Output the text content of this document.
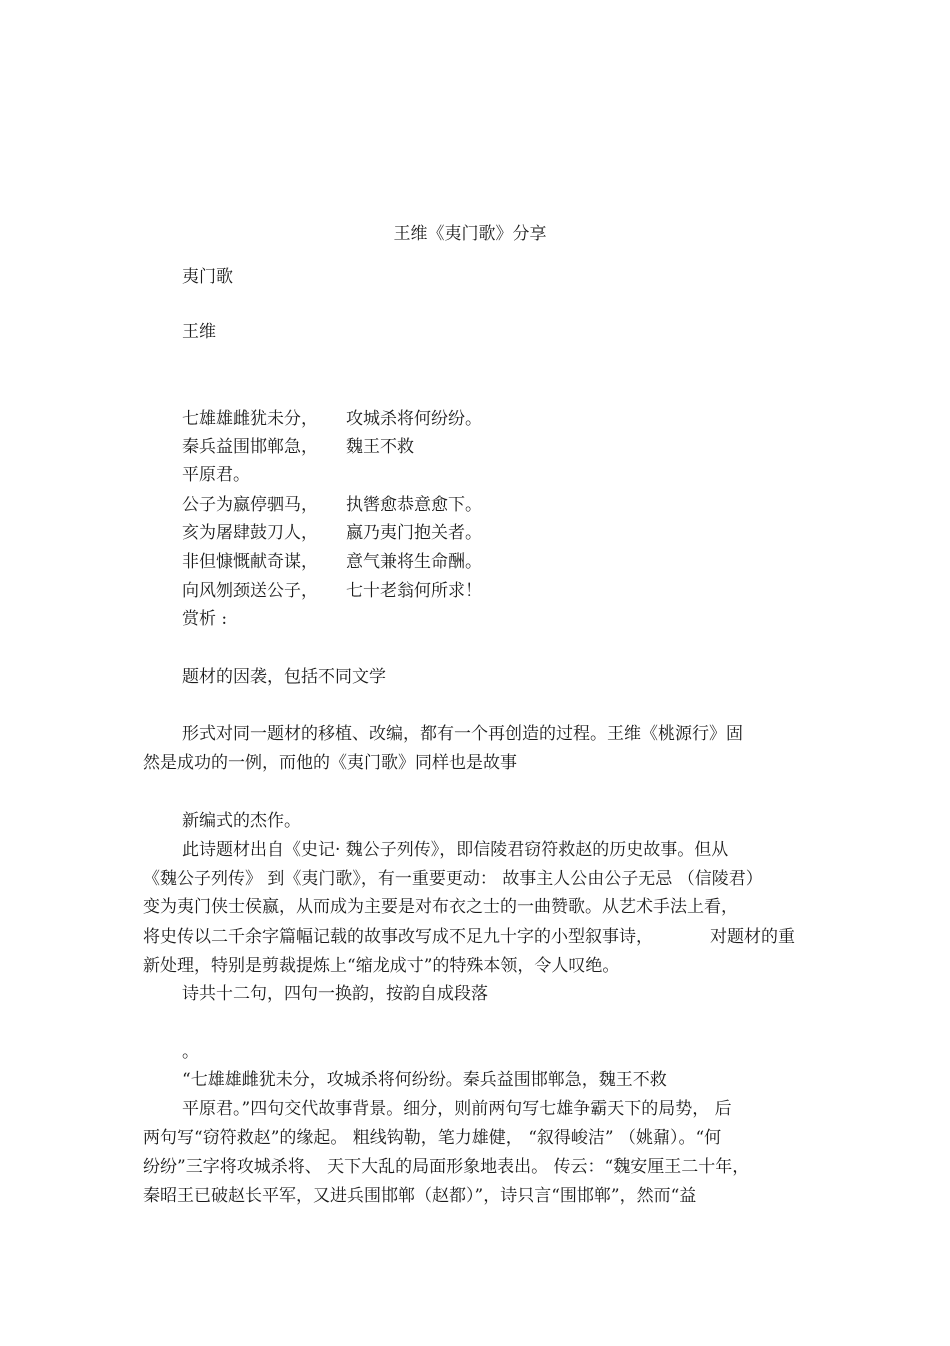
王维《夷门歌》分享

夷门歌

王维

七雄雄雌犹未分， 攻城杀将何纷纷。
秦兵益围邯郸急， 魏王不救
平原君。
公子为嬴停驷马， 执辔愈恭意愈下。
亥为屠肆鼓刀人， 嬴乃夷门抱关者。
非但慷慨献奇谋， 意气兼将生命酬。
向风刎颈送公子， 七十老翁何所求！

赏析 :

题材的因袭，包括不同文学

形式对同一题材的移植、改编，都有一个再创造的过程。王维《桃源行》固

然是成功的一例，而他的《夷门歌》同样也是故事

新编式的杰作。

此诗题材出自《史记· 魏公子列传》，即信陵君窃符救赵的历史故事。但从

《魏公子列传》 到《夷门歌》，有一重要更动： 故事主人公由公子无忌 （信陵君）

变为夷门侠士侯嬴，从而成为主要是对布衣之士的一曲赞歌。从艺术手法上看，

将史传以二千余字篇幅记载的故事改写成不足九十字的小型叙事诗，	对题材的重

新处理，特别是剪裁提炼上“缩龙成寸”的特殊本领，令人叹绝。

诗共十二句，四句一换韵，按韵自成段落

。

“七雄雄雌犹未分，攻城杀将何纷纷。秦兵益围邯郸急，魏王不救

平原君。”四句交代故事背景。细分，则前两句写七雄争霸天下的局势， 后

两句写“窃符救赵”的缘起。 粗线钩勒，笔力雄健， “叙得峻洁” （姚鼐）。“何

纷纷”三字将攻城杀将、 天下大乱的局面形象地表出。 传云：“魏安厘王二十年，

秦昭王已破赵长平军，又进兵围邯郸（赵都）”，诗只言“围邯郸”，然而“益
